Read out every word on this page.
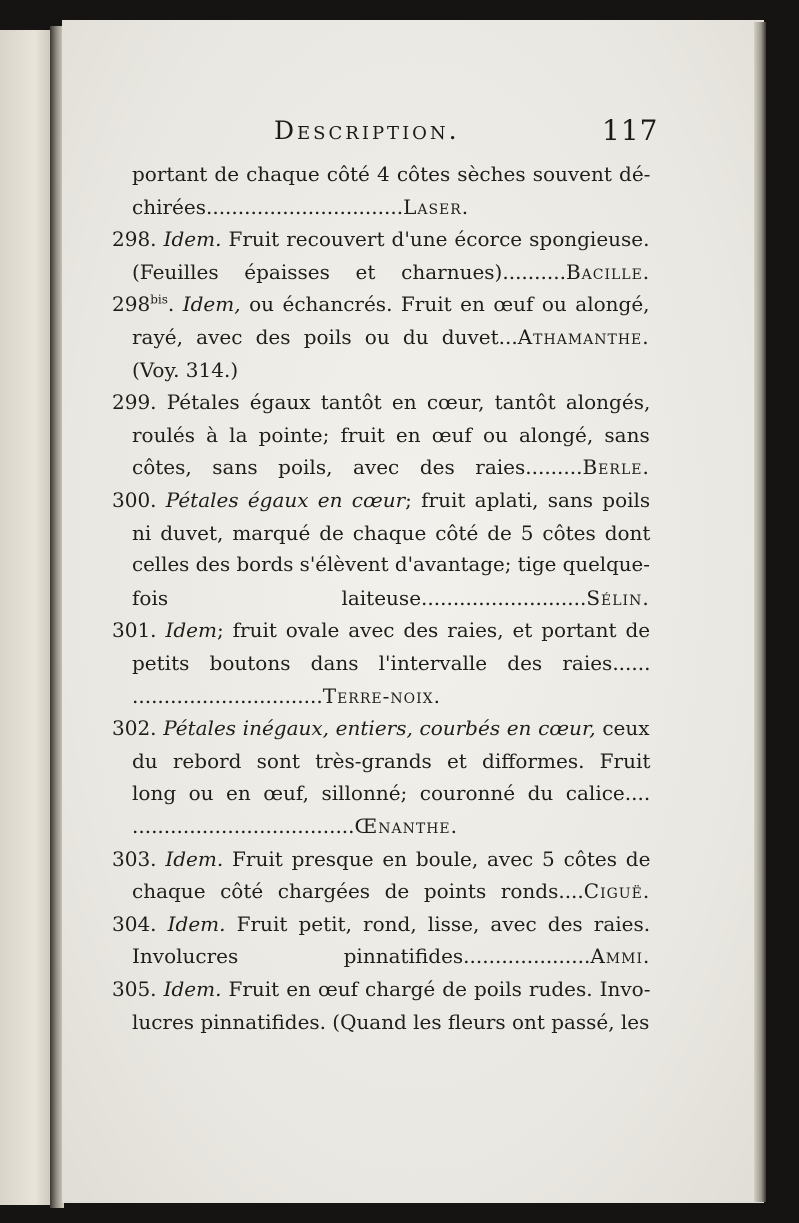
Description.	117
portant de chaque côté 4 côtes sèches souvent dé-
chirées...............................Laser.
298. Idem. Fruit recouvert d'une écorce spongieuse.
(Feuilles épaisses et charnues)..........Bacille.
$298^{bis}$. Idem, ou échancrés. Fruit en œuf ou alongé,
rayé, avec des poils ou du duvet...Athamanthe.
(Voy. 314.)
299. Pétales égaux tantôt en cœur, tantôt alongés,
roulés à la pointe; fruit en œuf ou alongé, sans
côtes, sans poils, avec des raies.........Berle.
300. Pétales égaux en cœur; fruit aplati, sans poils
ni duvet, marqué de chaque côté de 5 côtes dont
celles des bords s'élèvent d'avantage; tige quelque-
fois laiteuse..........................Sélin.
301. Idem; fruit ovale avec des raies, et portant de
petits boutons dans l'intervalle des raies......
..............................Terre-noix.
302. Pétales inégaux, entiers, courbés en cœur, ceux
du rebord sont très-grands et difformes. Fruit
long ou en œuf, sillonné; couronné du calice....
...................................Œnanthe.
303. Idem. Fruit presque en boule, avec 5 côtes de
chaque côté chargées de points ronds....Ciguë.
304. Idem. Fruit petit, rond, lisse, avec des raies.
Involucres pinnatifides....................Ammi.
305. Idem. Fruit en œuf chargé de poils rudes. Invo-
lucres pinnatifides. (Quand les fleurs ont passé, les
